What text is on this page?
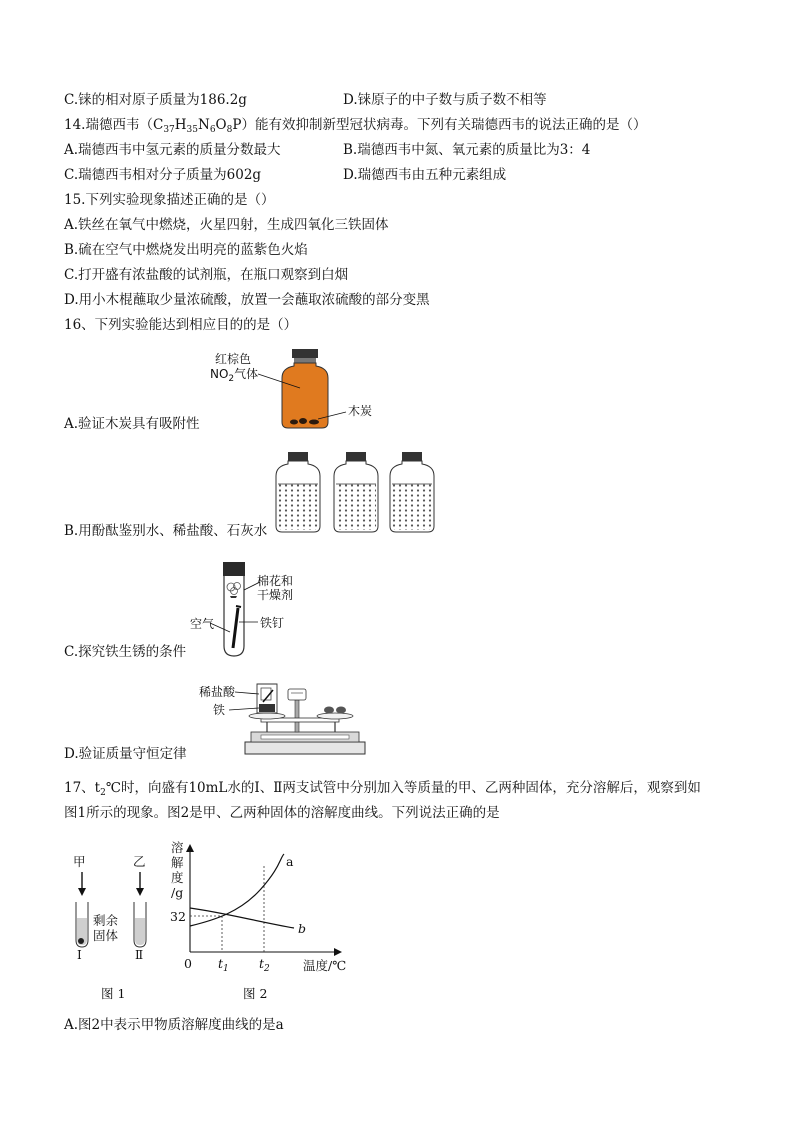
C.铼的相对原子质量为186.2g	D.铼原子的中子数与质子数不相等
14.瑞德西韦$(C_{37}H_{35}N_6O_8P)$能有效抑制新型冠状病毒。下列有关瑞德西韦的说法正确的是（）
A.瑞德西韦中氢元素的质量分数最大	B.瑞德西韦中氮、氧元素的质量比为3：4
C.瑞德西韦相对分子质量为602g	D.瑞德西韦由五种元素组成
15.下列实验现象描述正确的是（）
A.铁丝在氧气中燃烧，火星四射，生成四氧化三铁固体
B.硫在空气中燃烧发出明亮的蓝紫色火焰
C.打开盛有浓盐酸的试剂瓶，在瓶口观察到白烟
D.用小木棍蘸取少量浓硫酸，放置一会蘸取浓硫酸的部分变黑
16、下列实验能达到相应目的的是（）
红棕色
$NO_2$气体
木炭
A.验证木炭具有吸附性
B.用酚酞鉴别水、稀盐酸、石灰水
棉花和
干燥剂
空气	铁钉
C.探究铁生锈的条件
稀盐酸
铁
D.验证质量守恒定律
17、$t_2℃$时，向盛有10mL水的Ⅰ、Ⅱ两支试管中分别加入等质量的甲、乙两种固体，充分溶解后，观察到如
图1所示的现象。图2是甲、乙两种固体的溶解度曲线。下列说法正确的是
甲	乙
剩余
固体
Ⅰ	Ⅱ
图 1
溶
解
度
/g
32
0 $t_1$ $t_2$	温度/℃
a
b
图 2
A.图2中表示甲物质溶解度曲线的是a
